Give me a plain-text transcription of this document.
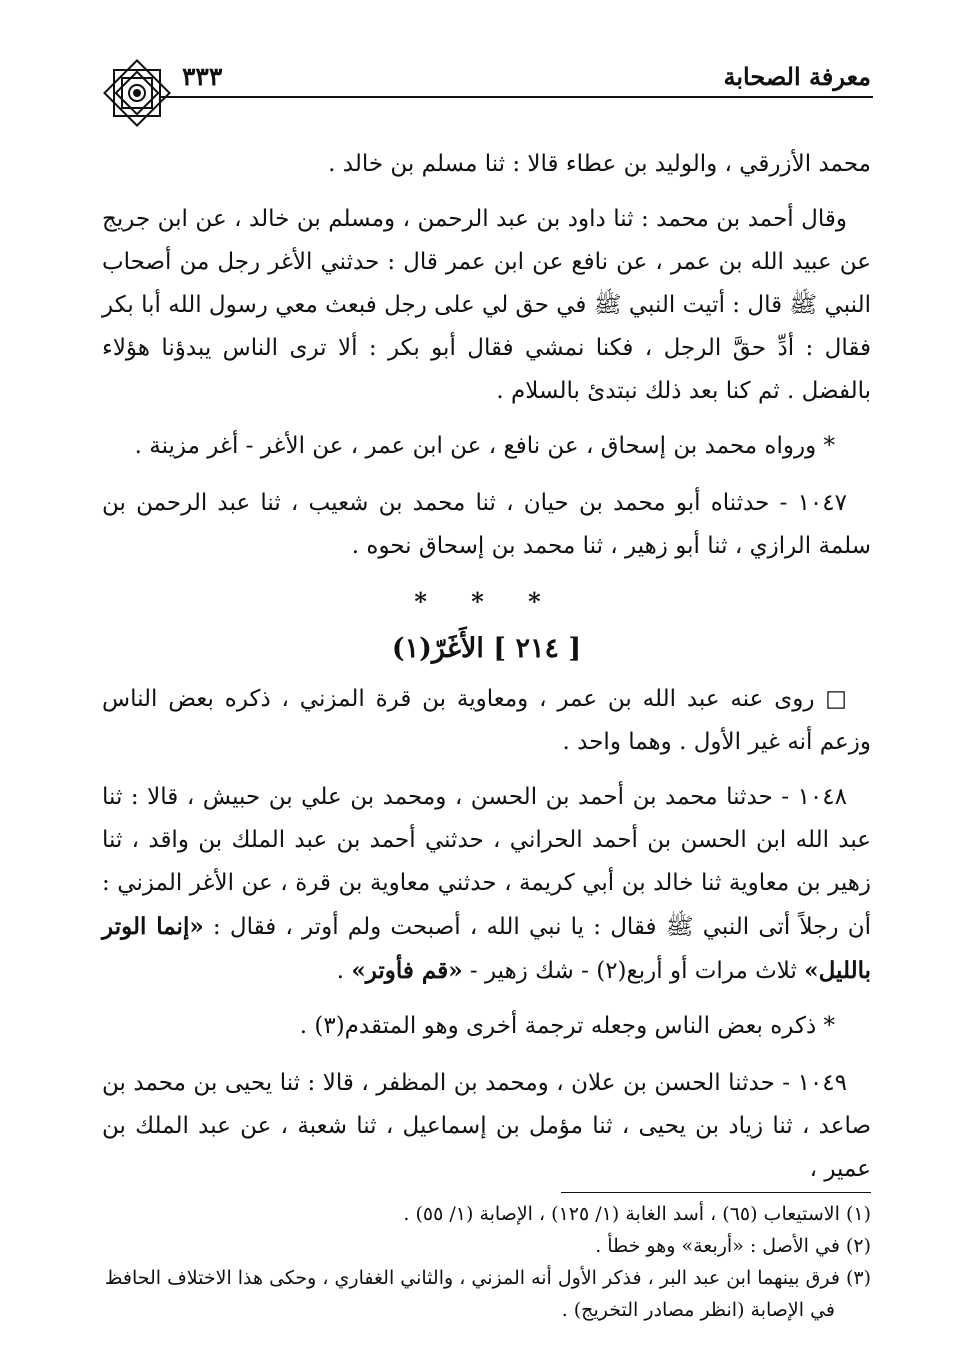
معرفة الصحابة
٣٣٣

محمد الأزرقي ، والوليد بن عطاء قالا : ثنا مسلم بن خالد .

وقال أحمد بن محمد : ثنا داود بن عبد الرحمن ، ومسلم بن خالد ، عن ابن جريج عن عبيد الله بن عمر ، عن نافع عن ابن عمر قال : حدثني الأغر رجل من أصحاب النبي ﷺ قال : أتيت النبي ﷺ في حق لي على رجل فبعث معي رسول الله أبا بكر فقال : أدِّ حقَّ الرجل ، فكنا نمشي فقال أبو بكر : ألا ترى الناس يبدؤنا هؤلاء بالفضل . ثم كنا بعد ذلك نبتدئ بالسلام .

* ورواه محمد بن إسحاق ، عن نافع ، عن ابن عمر ، عن الأغر - أغر مزينة .

١٠٤٧ - حدثناه أبو محمد بن حيان ، ثنا محمد بن شعيب ، ثنا عبد الرحمن بن سلمة الرازي ، ثنا أبو زهير ، ثنا محمد بن إسحاق نحوه .

* * *
[ ٢١٤ ] الأَغَرّ(١)

□ روى عنه عبد الله بن عمر ، ومعاوية بن قرة المزني ، ذكره بعض الناس وزعم أنه غير الأول . وهما واحد .

١٠٤٨ - حدثنا محمد بن أحمد بن الحسن ، ومحمد بن علي بن حبيش ، قالا : ثنا عبد الله ابن الحسن بن أحمد الحراني ، حدثني أحمد بن عبد الملك بن واقد ، ثنا زهير بن معاوية ثنا خالد بن أبي كريمة ، حدثني معاوية بن قرة ، عن الأغر المزني : أن رجلاً أتى النبي ﷺ فقال : يا نبي الله ، أصبحت ولم أوتر ، فقال : «إنما الوتر بالليل» ثلاث مرات أو أربع(٢) - شك زهير - «قم فأوتر» .

* ذكره بعض الناس وجعله ترجمة أخرى وهو المتقدم(٣) .

١٠٤٩ - حدثنا الحسن بن علان ، ومحمد بن المظفر ، قالا : ثنا يحيى بن محمد بن صاعد ، ثنا زياد بن يحيى ، ثنا مؤمل بن إسماعيل ، ثنا شعبة ، عن عبد الملك بن عمير ،

(١) الاستيعاب (٦٥) ، أسد الغابة (١/ ١٢٥) ، الإصابة (١/ ٥٥) .

(٢) في الأصل : «أربعة» وهو خطأ .

(٣) فرق بينهما ابن عبد البر ، فذكر الأول أنه المزني ، والثاني الغفاري ، وحكى هذا الاختلاف الحافظ

في الإصابة (انظر مصادر التخريج) .
